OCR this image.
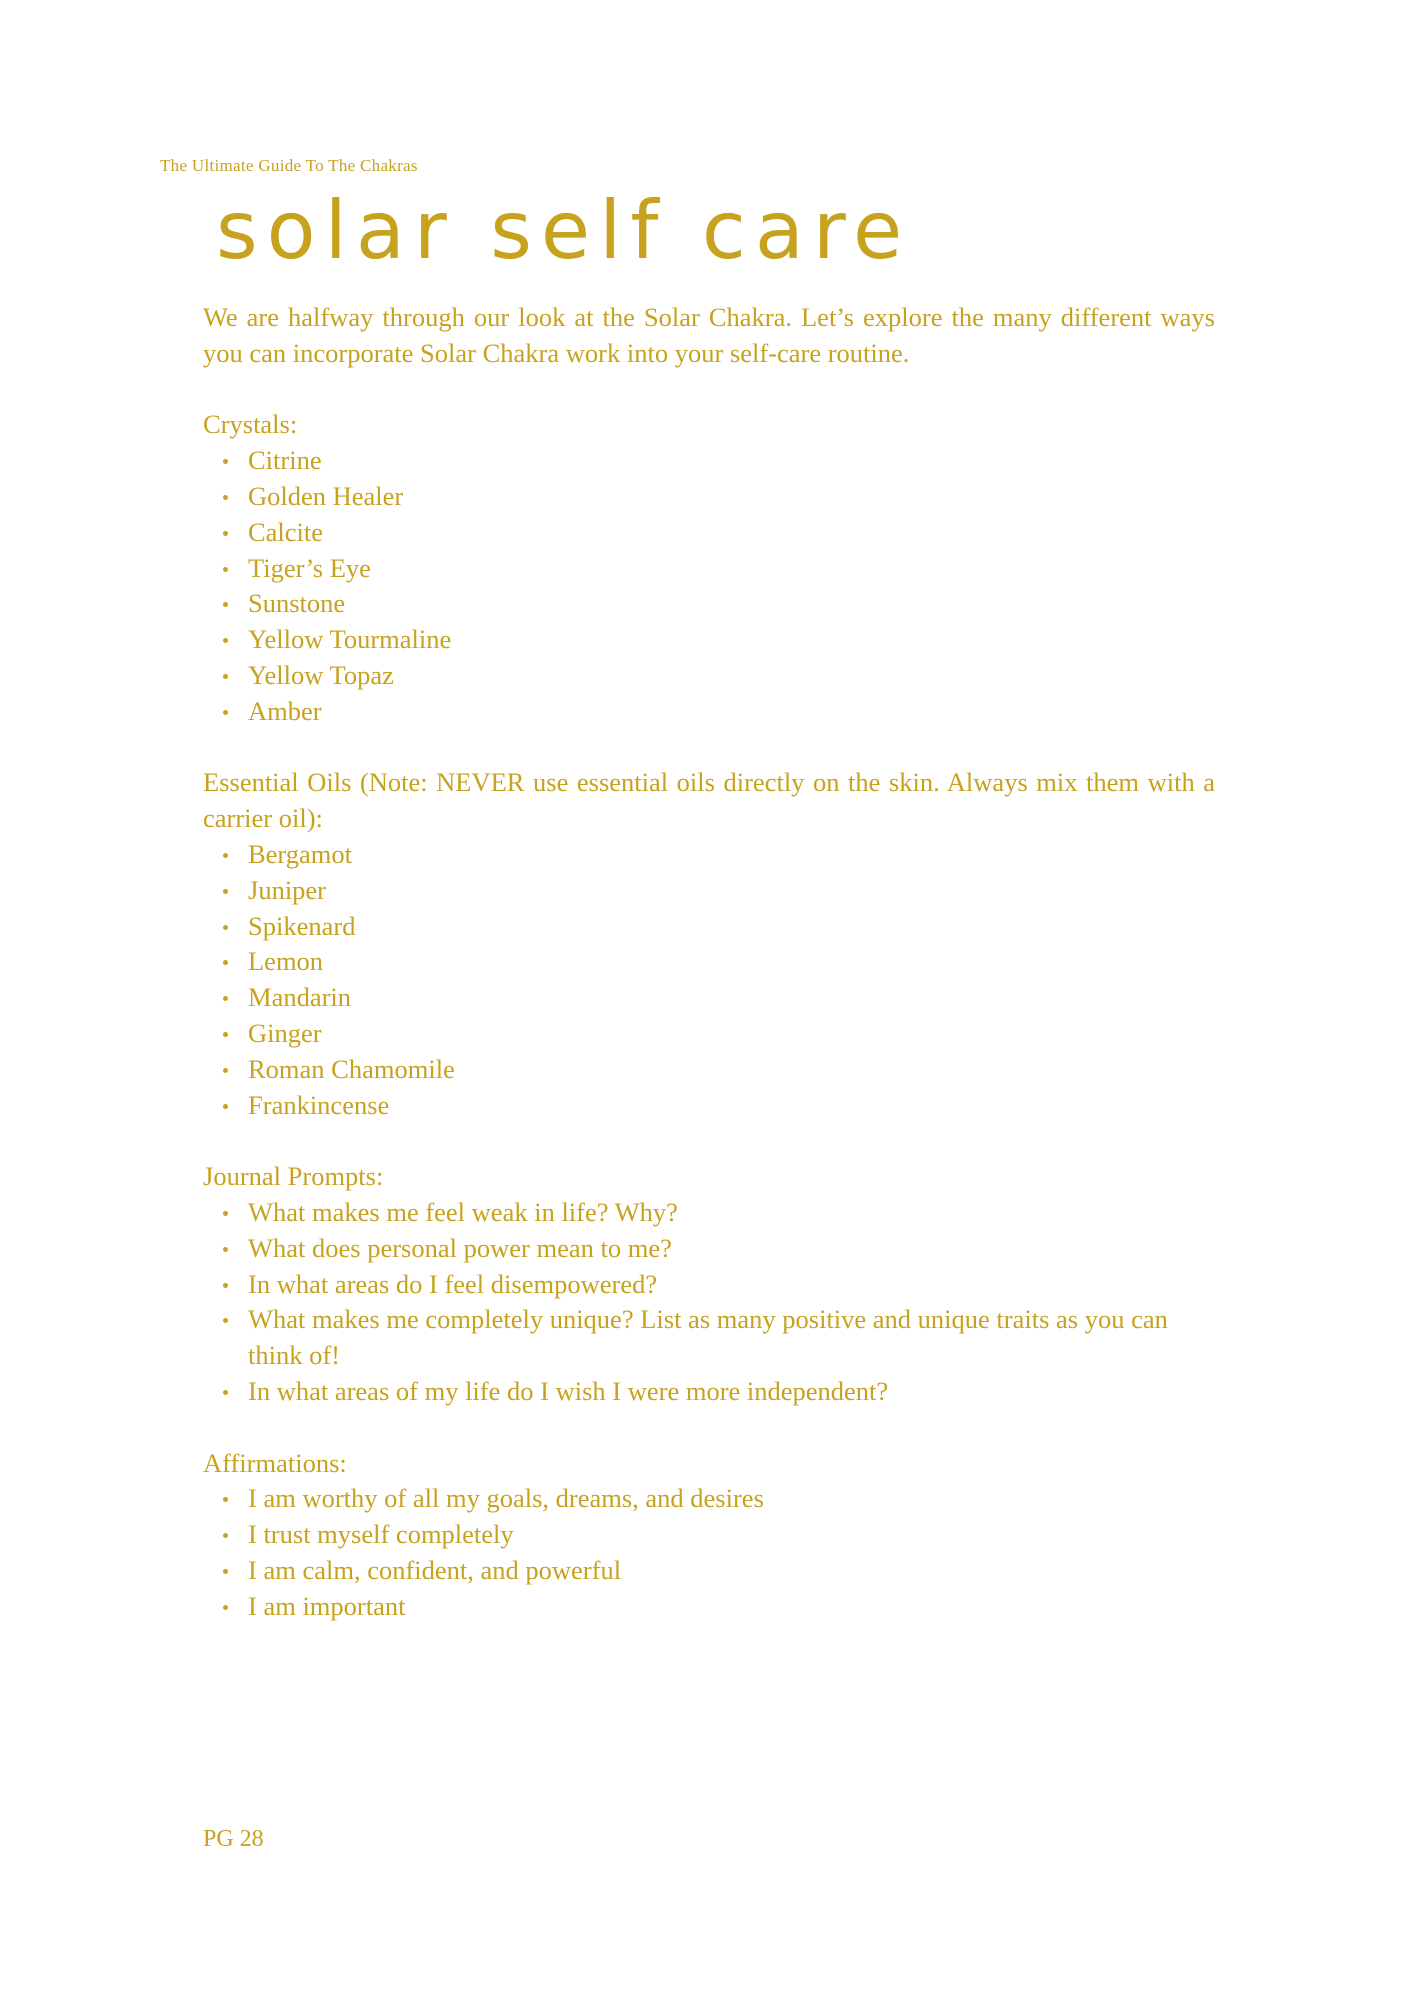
The Ultimate Guide To The Chakras
solar self care

We are halfway through our look at the Solar Chakra. Let’s explore the many different ways you can incorporate Solar Chakra work into your self-care routine.

Crystals:

Citrine
Golden Healer
Calcite
Tiger’s Eye
Sunstone
Yellow Tourmaline
Yellow Topaz
Amber

Essential Oils (Note: NEVER use essential oils directly on the skin. Always mix them with a carrier oil):

Bergamot
Juniper
Spikenard
Lemon
Mandarin
Ginger
Roman Chamomile
Frankincense

Journal Prompts:

What makes me feel weak in life? Why?
What does personal power mean to me?
In what areas do I feel disempowered?
What makes me completely unique? List as many positive and unique traits as you can think of!
In what areas of my life do I wish I were more independent?

Affirmations:

I am worthy of all my goals, dreams, and desires
I trust myself completely
I am calm, confident, and powerful
I am important
PG 28
